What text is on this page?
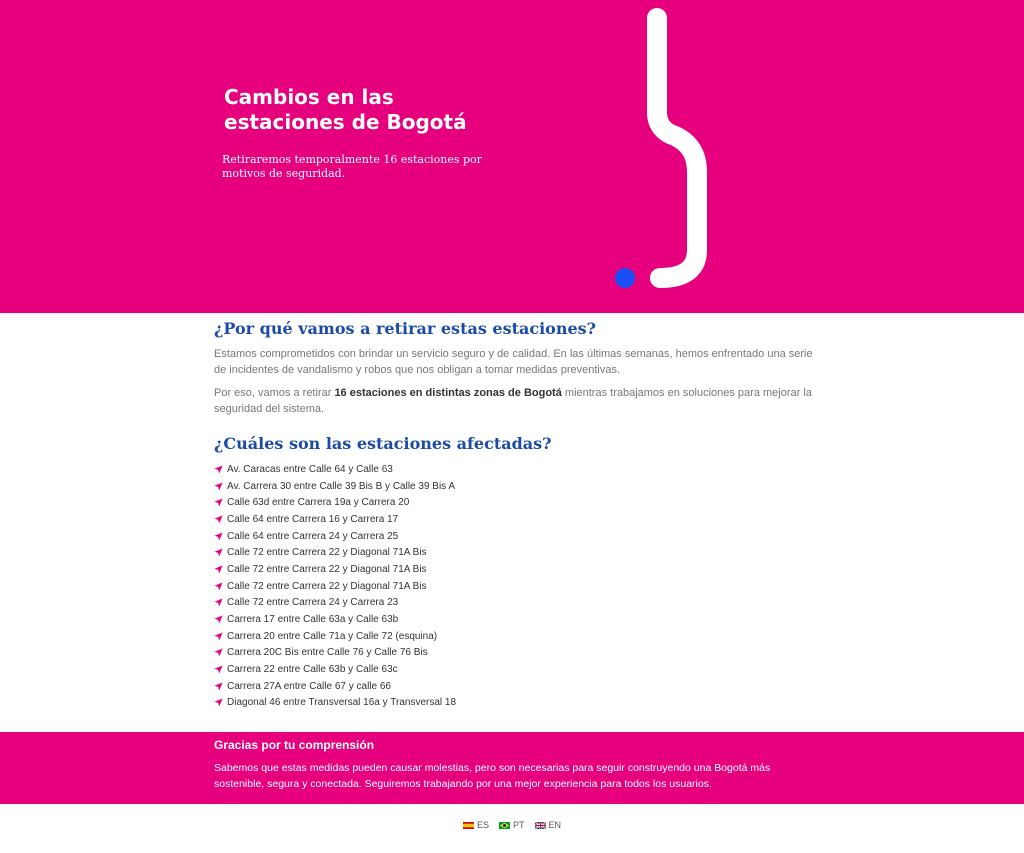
Cambios en las
estaciones de Bogotá

Retiraremos temporalmente 16 estaciones por motivos de seguridad.

¿Por qué vamos a retirar estas estaciones?

Estamos comprometidos con brindar un servicio seguro y de calidad. En las últimas semanas, hemos enfrentado una serie de incidentes de vandalismo y robos que nos obligan a tomar medidas preventivas.

Por eso, vamos a retirar 16 estaciones en distintas zonas de Bogotá mientras trabajamos en soluciones para mejorar la seguridad del sistema.

¿Cuáles son las estaciones afectadas?
Av. Caracas entre Calle 64 y Calle 63
Av. Carrera 30 entre Calle 39 Bis B y Calle 39 Bis A
Calle 63d entre Carrera 19a y Carrera 20
Calle 64 entre Carrera 16 y Carrera 17
Calle 64 entre Carrera 24 y Carrera 25
Calle 72 entre Carrera 22 y Diagonal 71A Bis
Calle 72 entre Carrera 22 y Diagonal 71A Bis
Calle 72 entre Carrera 22 y Diagonal 71A Bis
Calle 72 entre Carrera 24 y Carrera 23
Carrera 17 entre Calle 63a y Calle 63b
Carrera 20 entre Calle 71a y Calle 72 (esquina)
Carrera 20C Bis entre Calle 76 y Calle 76 Bis
Carrera 22 entre Calle 63b y Calle 63c
Carrera 27A entre Calle 67 y calle 66
Diagonal 46 entre Transversal 16a y Transversal 18
Gracias por tu comprensión

Sabemos que estas medidas pueden causar molestias, pero son necesarias para seguir construyendo una Bogotá más sostenible, segura y conectada. Seguiremos trabajando por una mejor experiencia para todos los usuarios.

ES	PT	EN
